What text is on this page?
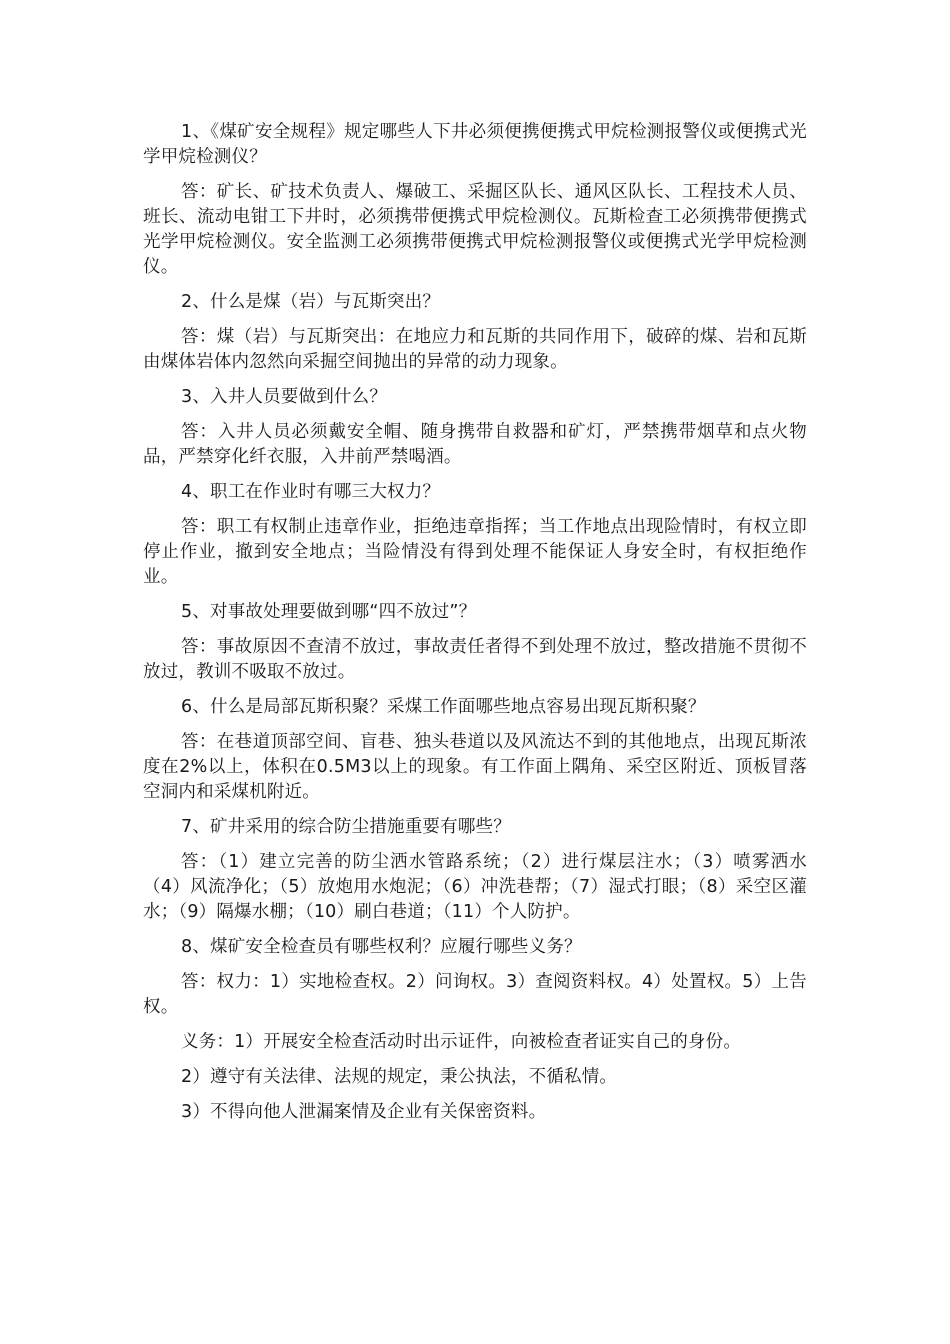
1、《煤矿安全规程》规定哪些人下井必须便携便携式甲烷检测报警仪或便携式光学甲烷检测仪？

答：矿长、矿技术负责人、爆破工、采掘区队长、通风区队长、工程技术人员、班长、流动电钳工下井时，必须携带便携式甲烷检测仪。瓦斯检查工必须携带便携式光学甲烷检测仪。安全监测工必须携带便携式甲烷检测报警仪或便携式光学甲烷检测仪。

2、什么是煤（岩）与瓦斯突出？

答：煤（岩）与瓦斯突出：在地应力和瓦斯的共同作用下，破碎的煤、岩和瓦斯由煤体岩体内忽然向采掘空间抛出的异常的动力现象。

3、入井人员要做到什么？

答：入井人员必须戴安全帽、随身携带自救器和矿灯，严禁携带烟草和点火物品，严禁穿化纤衣服，入井前严禁喝酒。

4、职工在作业时有哪三大权力？

答：职工有权制止违章作业，拒绝违章指挥；当工作地点出现险情时，有权立即停止作业，撤到安全地点；当险情没有得到处理不能保证人身安全时，有权拒绝作业。

5、对事故处理要做到哪“四不放过”？

答：事故原因不查清不放过，事故责任者得不到处理不放过，整改措施不贯彻不放过，教训不吸取不放过。

6、什么是局部瓦斯积聚？采煤工作面哪些地点容易出现瓦斯积聚？

答：在巷道顶部空间、盲巷、独头巷道以及风流达不到的其他地点，出现瓦斯浓度在2%以上，体积在0.5M3以上的现象。有工作面上隅角、采空区附近、顶板冒落空洞内和采煤机附近。

7、矿井采用的综合防尘措施重要有哪些？

答：（1）建立完善的防尘洒水管路系统；（2）进行煤层注水；（3）喷雾洒水（4）风流净化；（5）放炮用水炮泥；（6）冲洗巷帮；（7）湿式打眼；（8）采空区灌水；（9）隔爆水棚；（10）刷白巷道；（11）个人防护。

8、煤矿安全检查员有哪些权利？应履行哪些义务？

答：权力：1）实地检查权。2）问询权。3）查阅资料权。4）处置权。5）上告权。

义务：1）开展安全检查活动时出示证件，向被检查者证实自己的身份。

2）遵守有关法律、法规的规定，秉公执法，不循私情。

3）不得向他人泄漏案情及企业有关保密资料。
